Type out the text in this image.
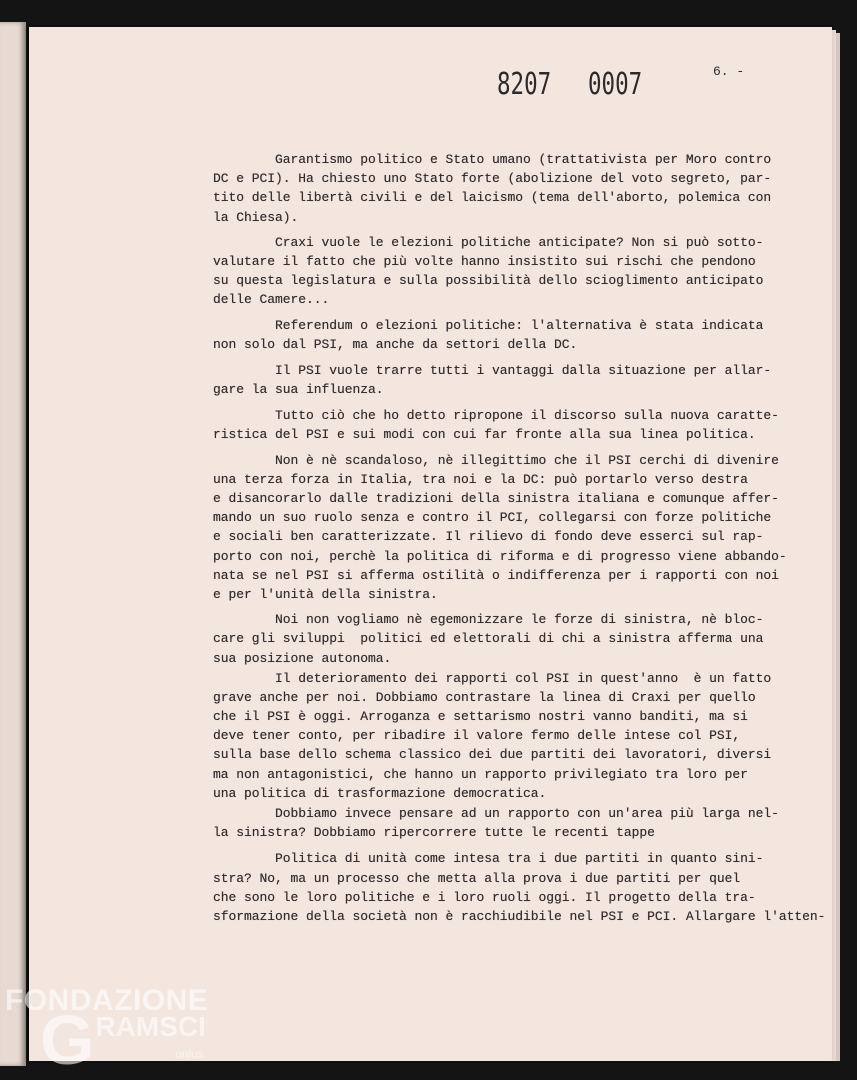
8207 0007	6. -
Garantismo politico e Stato umano (trattativista per Moro contro
DC e PCI). Ha chiesto uno Stato forte (abolizione del voto segreto, par-
tito delle libertà civili e del laicismo (tema dell'aborto, polemica con
la Chiesa).
Craxi vuole le elezioni politiche anticipate? Non si può sotto-
valutare il fatto che più volte hanno insistito sui rischi che pendono
su questa legislatura e sulla possibilità dello scioglimento anticipato
delle Camere...
Referendum o elezioni politiche: l'alternativa è stata indicata
non solo dal PSI, ma anche da settori della DC.
Il PSI vuole trarre tutti i vantaggi dalla situazione per allar-
gare la sua influenza.
Tutto ciò che ho detto ripropone il discorso sulla nuova caratte-
ristica del PSI e sui modi con cui far fronte alla sua linea politica.
Non è nè scandaloso, nè illegittimo che il PSI cerchi di divenire
una terza forza in Italia, tra noi e la DC: può portarlo verso destra
e disancorarlo dalle tradizioni della sinistra italiana e comunque affer-
mando un suo ruolo senza e contro il PCI, collegarsi con forze politiche
e sociali ben caratterizzate. Il rilievo di fondo deve esserci sul rap-
porto con noi, perchè la politica di riforma e di progresso viene abbando-
nata se nel PSI si afferma ostilità o indifferenza per i rapporti con noi
e per l'unità della sinistra.
Noi non vogliamo nè egemonizzare le forze di sinistra, nè bloc-
care gli sviluppi  politici ed elettorali di chi a sinistra afferma una
sua posizione autonoma.
Il deterioramento dei rapporti col PSI in quest'anno  è un fatto
grave anche per noi. Dobbiamo contrastare la linea di Craxi per quello
che il PSI è oggi. Arroganza e settarismo nostri vanno banditi, ma si
deve tener conto, per ribadire il valore fermo delle intese col PSI,
sulla base dello schema classico dei due partiti dei lavoratori, diversi
ma non antagonistici, che hanno un rapporto privilegiato tra loro per
una politica di trasformazione democratica.
Dobbiamo invece pensare ad un rapporto con un'area più larga nel-
la sinistra? Dobbiamo ripercorrere tutte le recenti tappe
Politica di unità come intesa tra i due partiti in quanto sini-
stra? No, ma un processo che metta alla prova i due partiti per quel
che sono le loro politiche e i loro ruoli oggi. Il progetto della tra-
sformazione della società non è racchiudibile nel PSI e PCI. Allargare l'atten-
FONDAZIONE
GRAMSCI
onlus
